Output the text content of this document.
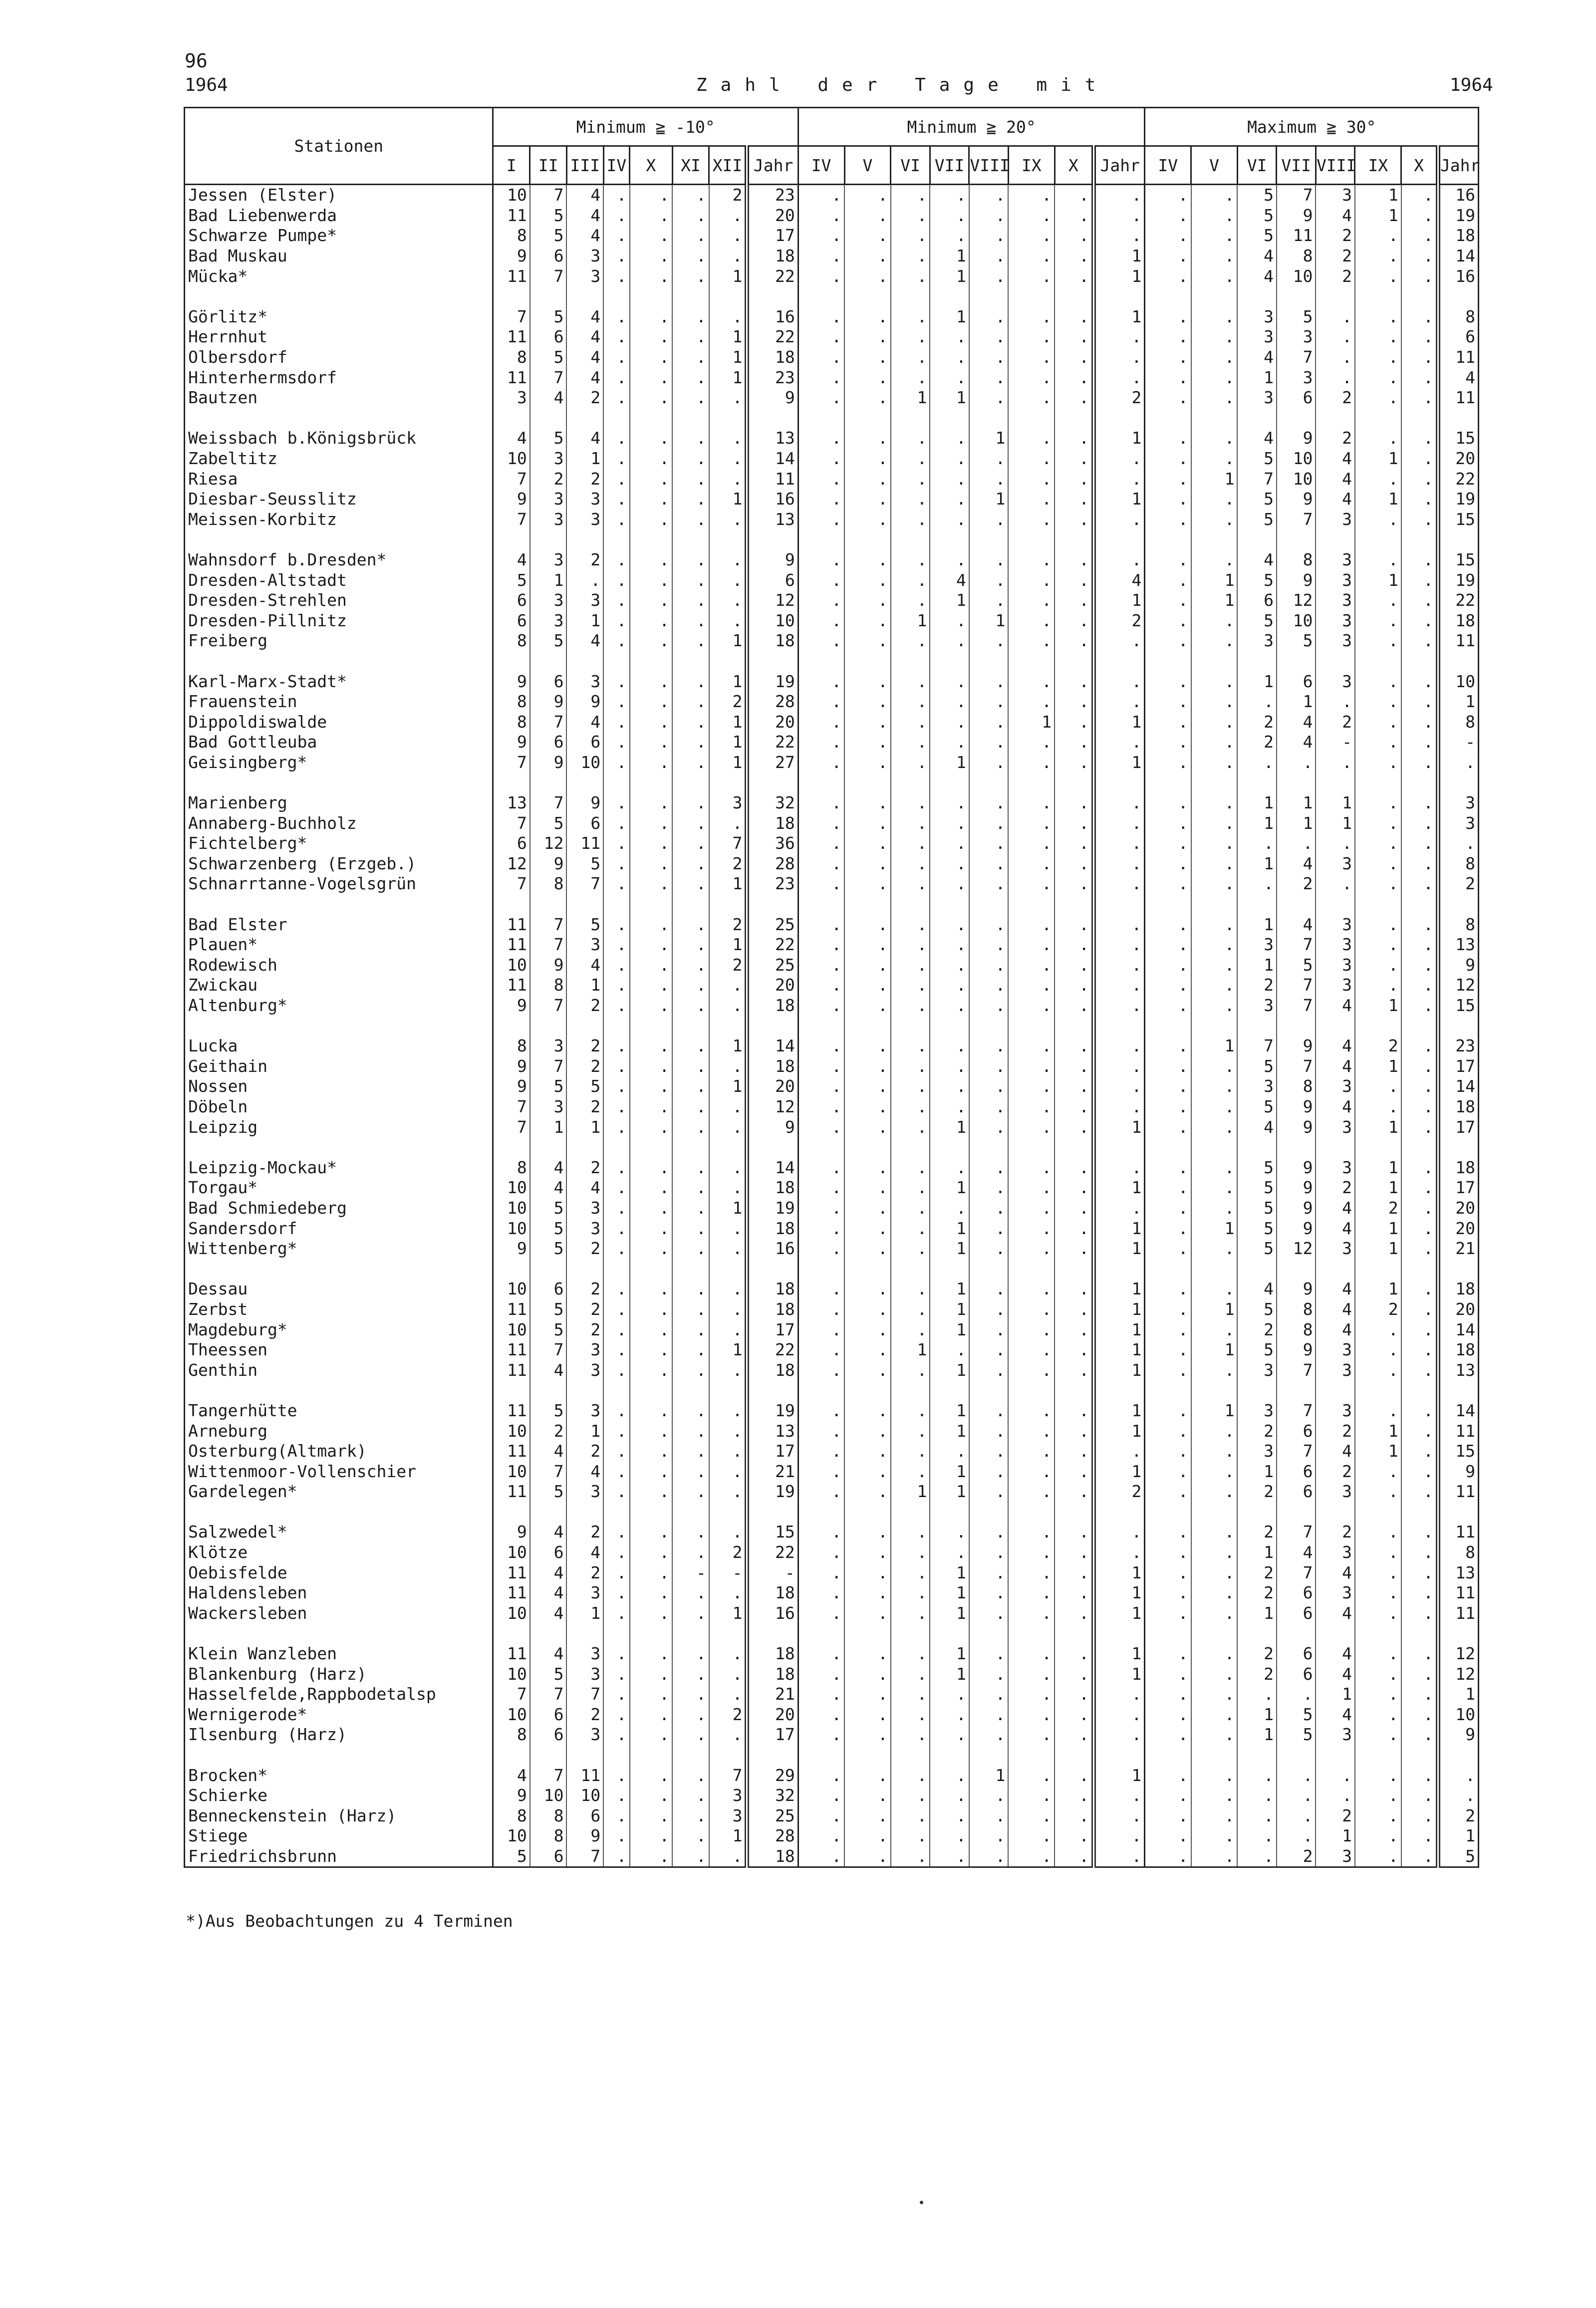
96
1964	Zahl der Tage mit	1964
Stationen	Minimum ≧ -10°								Minimum ≧ 20°								Maximum ≧ 30°							
	I	II	III	IV	X	XI	XII	Jahr	IV	V	VI	VII	VIII	IX	X	Jahr	IV	V	VI	VII	VIII	IX	X	Jahr
Jessen (Elster)	10	7	4	.	.	.	2	23	.	.	.	.	.	.	.	.	.	.	5	7	3	1	.	16
Bad Liebenwerda	11	5	4	.	.	.	.	20	.	.	.	.	.	.	.	.	.	.	5	9	4	1	.	19
Schwarze Pumpe*	8	5	4	.	.	.	.	17	.	.	.	.	.	.	.	.	.	.	5	11	2	.	.	18
Bad Muskau	9	6	3	.	.	.	.	18	.	.	.	1	.	.	.	1	.	.	4	8	2	.	.	14
Mücka*	11	7	3	.	.	.	1	22	.	.	.	1	.	.	.	1	.	.	4	10	2	.	.	16

Görlitz*	7	5	4	.	.	.	.	16	.	.	.	1	.	.	.	1	.	.	3	5	.	.	.	8
Herrnhut	11	6	4	.	.	.	1	22	.	.	.	.	.	.	.	.	.	.	3	3	.	.	.	6
Olbersdorf	8	5	4	.	.	.	1	18	.	.	.	.	.	.	.	.	.	.	4	7	.	.	.	11
Hinterhermsdorf	11	7	4	.	.	.	1	23	.	.	.	.	.	.	.	.	.	.	1	3	.	.	.	4
Bautzen	3	4	2	.	.	.	.	9	.	.	1	1	.	.	.	2	.	.	3	6	2	.	.	11

Weissbach b.Königsbrück	4	5	4	.	.	.	.	13	.	.	.	.	1	.	.	1	.	.	4	9	2	.	.	15
Zabeltitz	10	3	1	.	.	.	.	14	.	.	.	.	.	.	.	.	.	.	5	10	4	1	.	20
Riesa	7	2	2	.	.	.	.	11	.	.	.	.	.	.	.	.	.	1	7	10	4	.	.	22
Diesbar-Seusslitz	9	3	3	.	.	.	1	16	.	.	.	.	1	.	.	1	.	.	5	9	4	1	.	19
Meissen-Korbitz	7	3	3	.	.	.	.	13	.	.	.	.	.	.	.	.	.	.	5	7	3	.	.	15

Wahnsdorf b.Dresden*	4	3	2	.	.	.	.	9	.	.	.	.	.	.	.	.	.	.	4	8	3	.	.	15
Dresden-Altstadt	5	1	.	.	.	.	.	6	.	.	.	4	.	.	.	4	.	1	5	9	3	1	.	19
Dresden-Strehlen	6	3	3	.	.	.	.	12	.	.	.	1	.	.	.	1	.	1	6	12	3	.	.	22
Dresden-Pillnitz	6	3	1	.	.	.	.	10	.	.	1	.	1	.	.	2	.	.	5	10	3	.	.	18
Freiberg	8	5	4	.	.	.	1	18	.	.	.	.	.	.	.	.	.	.	3	5	3	.	.	11

Karl-Marx-Stadt*	9	6	3	.	.	.	1	19	.	.	.	.	.	.	.	.	.	.	1	6	3	.	.	10
Frauenstein	8	9	9	.	.	.	2	28	.	.	.	.	.	.	.	.	.	.	.	1	.	.	.	1
Dippoldiswalde	8	7	4	.	.	.	1	20	.	.	.	.	.	1	.	1	.	.	2	4	2	.	.	8
Bad Gottleuba	9	6	6	.	.	.	1	22	.	.	.	.	.	.	.	.	.	.	2	4	-	.	.	-
Geisingberg*	7	9	10	.	.	.	1	27	.	.	.	1	.	.	.	1	.	.	.	.	.	.	.	.

Marienberg	13	7	9	.	.	.	3	32	.	.	.	.	.	.	.	.	.	.	1	1	1	.	.	3
Annaberg-Buchholz	7	5	6	.	.	.	.	18	.	.	.	.	.	.	.	.	.	.	1	1	1	.	.	3
Fichtelberg*	6	12	11	.	.	.	7	36	.	.	.	.	.	.	.	.	.	.	.	.	.	.	.	.
Schwarzenberg (Erzgeb.)	12	9	5	.	.	.	2	28	.	.	.	.	.	.	.	.	.	.	1	4	3	.	.	8
Schnarrtanne-Vogelsgrün	7	8	7	.	.	.	1	23	.	.	.	.	.	.	.	.	.	.	.	2	.	.	.	2

Bad Elster	11	7	5	.	.	.	2	25	.	.	.	.	.	.	.	.	.	.	1	4	3	.	.	8
Plauen*	11	7	3	.	.	.	1	22	.	.	.	.	.	.	.	.	.	.	3	7	3	.	.	13
Rodewisch	10	9	4	.	.	.	2	25	.	.	.	.	.	.	.	.	.	.	1	5	3	.	.	9
Zwickau	11	8	1	.	.	.	.	20	.	.	.	.	.	.	.	.	.	.	2	7	3	.	.	12
Altenburg*	9	7	2	.	.	.	.	18	.	.	.	.	.	.	.	.	.	.	3	7	4	1	.	15

Lucka	8	3	2	.	.	.	1	14	.	.	.	.	.	.	.	.	.	1	7	9	4	2	.	23
Geithain	9	7	2	.	.	.	.	18	.	.	.	.	.	.	.	.	.	.	5	7	4	1	.	17
Nossen	9	5	5	.	.	.	1	20	.	.	.	.	.	.	.	.	.	.	3	8	3	.	.	14
Döbeln	7	3	2	.	.	.	.	12	.	.	.	.	.	.	.	.	.	.	5	9	4	.	.	18
Leipzig	7	1	1	.	.	.	.	9	.	.	.	1	.	.	.	1	.	.	4	9	3	1	.	17

Leipzig-Mockau*	8	4	2	.	.	.	.	14	.	.	.	.	.	.	.	.	.	.	5	9	3	1	.	18
Torgau*	10	4	4	.	.	.	.	18	.	.	.	1	.	.	.	1	.	.	5	9	2	1	.	17
Bad Schmiedeberg	10	5	3	.	.	.	1	19	.	.	.	.	.	.	.	.	.	.	5	9	4	2	.	20
Sandersdorf	10	5	3	.	.	.	.	18	.	.	.	1	.	.	.	1	.	1	5	9	4	1	.	20
Wittenberg*	9	5	2	.	.	.	.	16	.	.	.	1	.	.	.	1	.	.	5	12	3	1	.	21

Dessau	10	6	2	.	.	.	.	18	.	.	.	1	.	.	.	1	.	.	4	9	4	1	.	18
Zerbst	11	5	2	.	.	.	.	18	.	.	.	1	.	.	.	1	.	1	5	8	4	2	.	20
Magdeburg*	10	5	2	.	.	.	.	17	.	.	.	1	.	.	.	1	.	.	2	8	4	.	.	14
Theessen	11	7	3	.	.	.	1	22	.	.	1	.	.	.	.	1	.	1	5	9	3	.	.	18
Genthin	11	4	3	.	.	.	.	18	.	.	.	1	.	.	.	1	.	.	3	7	3	.	.	13

Tangerhütte	11	5	3	.	.	.	.	19	.	.	.	1	.	.	.	1	.	1	3	7	3	.	.	14
Arneburg	10	2	1	.	.	.	.	13	.	.	.	1	.	.	.	1	.	.	2	6	2	1	.	11
Osterburg(Altmark)	11	4	2	.	.	.	.	17	.	.	.	.	.	.	.	.	.	.	3	7	4	1	.	15
Wittenmoor-Vollenschier	10	7	4	.	.	.	.	21	.	.	.	1	.	.	.	1	.	.	1	6	2	.	.	9
Gardelegen*	11	5	3	.	.	.	.	19	.	.	1	1	.	.	.	2	.	.	2	6	3	.	.	11

Salzwedel*	9	4	2	.	.	.	.	15	.	.	.	.	.	.	.	.	.	.	2	7	2	.	.	11
Klötze	10	6	4	.	.	.	2	22	.	.	.	.	.	.	.	.	.	.	1	4	3	.	.	8
Oebisfelde	11	4	2	.	.	-	-	-	.	.	.	1	.	.	.	1	.	.	2	7	4	.	.	13
Haldensleben	11	4	3	.	.	.	.	18	.	.	.	1	.	.	.	1	.	.	2	6	3	.	.	11
Wackersleben	10	4	1	.	.	.	1	16	.	.	.	1	.	.	.	1	.	.	1	6	4	.	.	11

Klein Wanzleben	11	4	3	.	.	.	.	18	.	.	.	1	.	.	.	1	.	.	2	6	4	.	.	12
Blankenburg (Harz)	10	5	3	.	.	.	.	18	.	.	.	1	.	.	.	1	.	.	2	6	4	.	.	12
Hasselfelde,Rappbodetalsp	7	7	7	.	.	.	.	21	.	.	.	.	.	.	.	.	.	.	.	.	1	.	.	1
Wernigerode*	10	6	2	.	.	.	2	20	.	.	.	.	.	.	.	.	.	.	1	5	4	.	.	10
Ilsenburg (Harz)	8	6	3	.	.	.	.	17	.	.	.	.	.	.	.	.	.	.	1	5	3	.	.	9

Brocken*	4	7	11	.	.	.	7	29	.	.	.	.	1	.	.	1	.	.	.	.	.	.	.	.
Schierke	9	10	10	.	.	.	3	32	.	.	.	.	.	.	.	.	.	.	.	.	.	.	.	.
Benneckenstein (Harz)	8	8	6	.	.	.	3	25	.	.	.	.	.	.	.	.	.	.	.	.	2	.	.	2
Stiege	10	8	9	.	.	.	1	28	.	.	.	.	.	.	.	.	.	.	.	.	1	.	.	1
Friedrichsbrunn	5	6	7	.	.	.	.	18	.	.	.	.	.	.	.	.	.	.	.	2	3	.	.	5
*)Aus Beobachtungen zu 4 Terminen
